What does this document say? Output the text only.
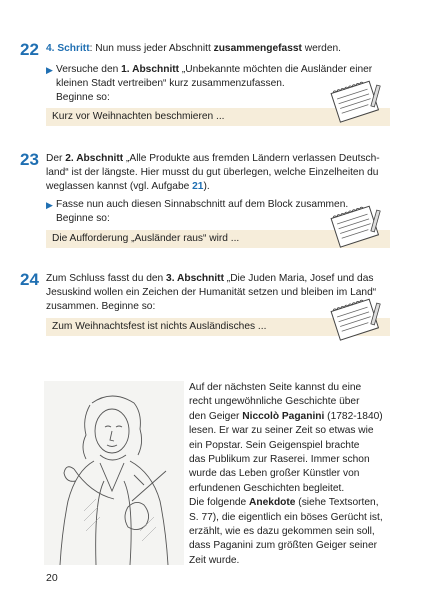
22 4. Schritt: Nun muss jeder Abschnitt zusammengefasst werden.
▶ Versuche den 1. Abschnitt „Unbekannte möchten die Ausländer einer
kleinen Stadt vertreiben“ kurz zusammenzufassen.
Beginne so:
Kurz vor Weihnachten beschmieren ...
23 Der 2. Abschnitt „Alle Produkte aus fremden Ländern verlassen Deutsch-
land“ ist der längste. Hier musst du gut überlegen, welche Einzelheiten du
weglassen kannst (vgl. Aufgabe 21).
▶ Fasse nun auch diesen Sinnabschnitt auf dem Block zusammen.
Beginne so:
Die Aufforderung „Ausländer raus“ wird ...
24 Zum Schluss fasst du den 3. Abschnitt „Die Juden Maria, Josef und das
Jesuskind wollen ein Zeichen der Humanität setzen und bleiben im Land“
zusammen. Beginne so:
Zum Weihnachtsfest ist nichts Ausländisches ...
Auf der nächsten Seite kannst du eine
recht ungewöhnliche Geschichte über
den Geiger Niccolò Paganini (1782-1840)
lesen. Er war zu seiner Zeit so etwas wie
ein Popstar. Sein Geigenspiel brachte
das Publikum zur Raserei. Immer schon
wurde das Leben großer Künstler von
erfundenen Geschichten begleitet.
Die folgende Anekdote (siehe Textsorten,
S. 77), die eigentlich ein böses Gerücht ist,
erzählt, wie es dazu gekommen sein soll,
dass Paganini zum größten Geiger seiner
Zeit wurde.
20
